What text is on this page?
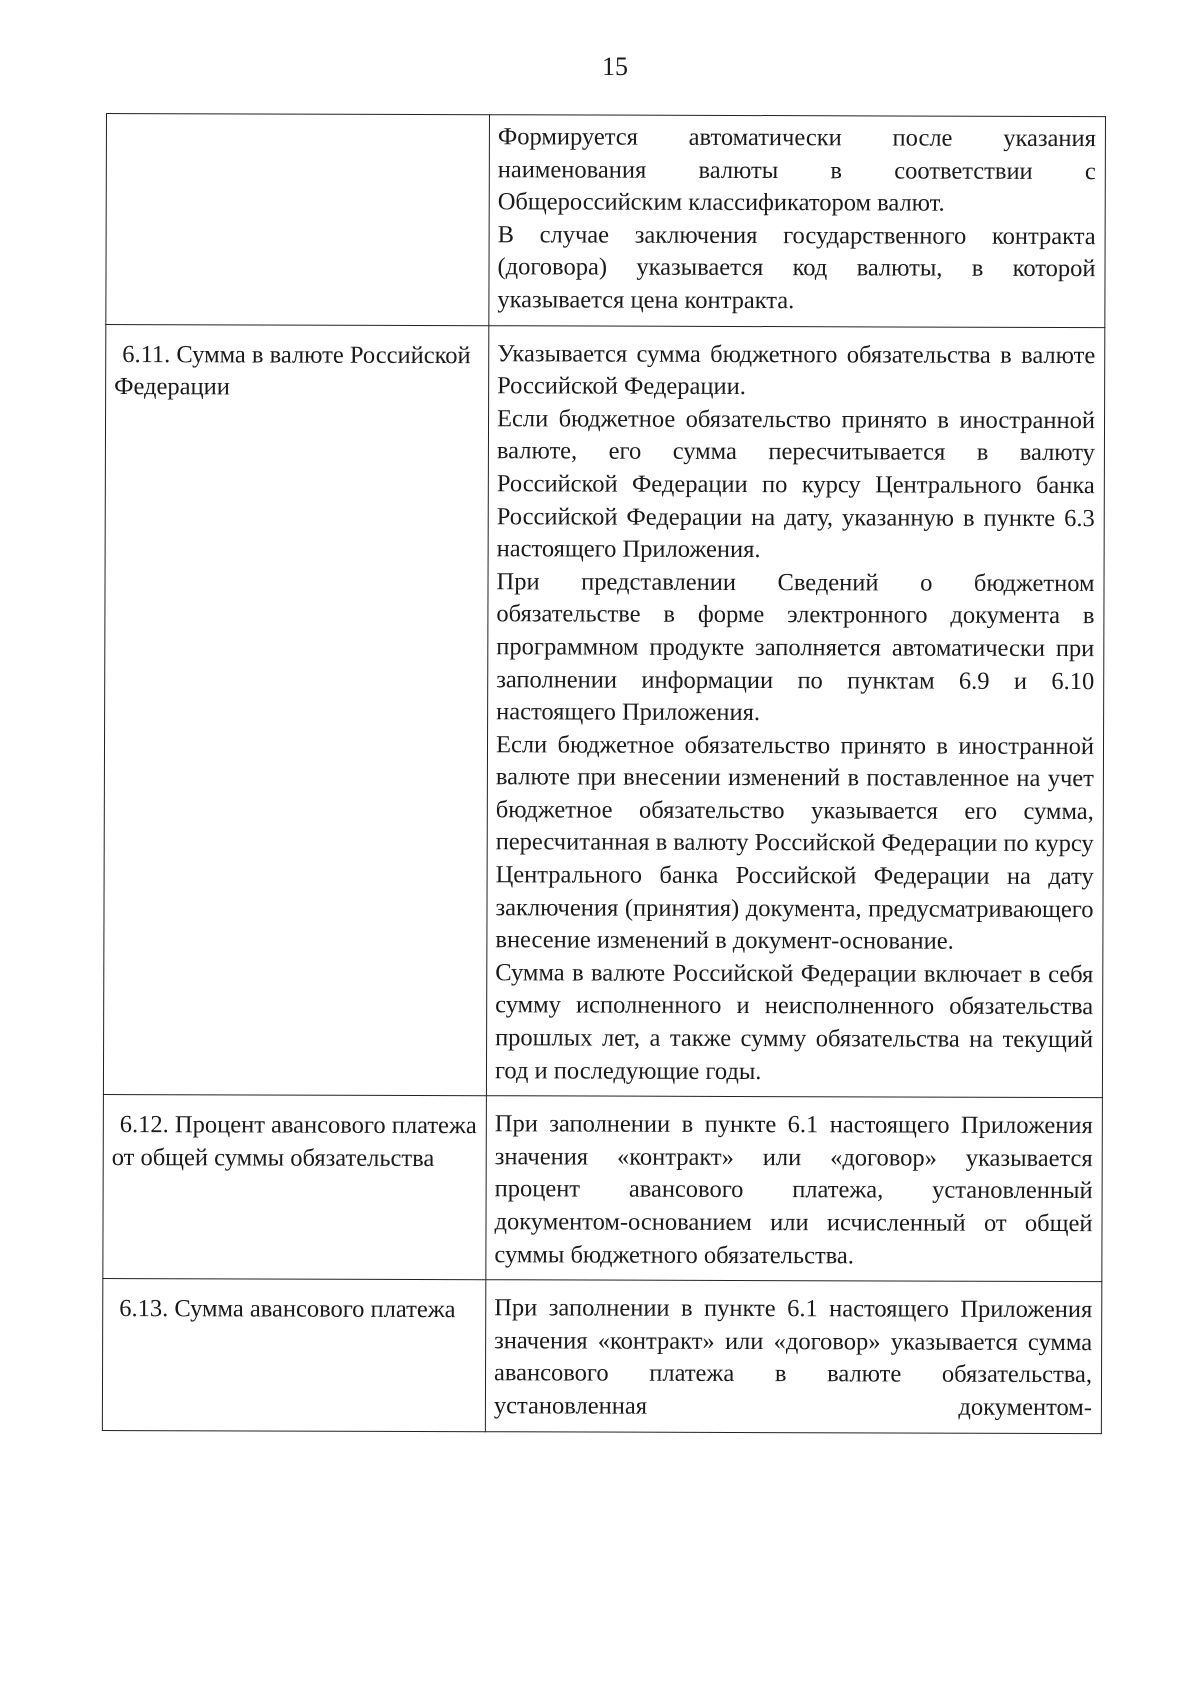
15

	Формируется автоматически после указания наименования валюты в соответствии с Общероссийским классификатором валют.

В случае заключения государственного контракта (договора) указывается код валюты, в которой указывается цена контракта.

6.11. Сумма в валюте Российской Федерации	Указывается сумма бюджетного обязательства в валюте Российской Федерации.

Если бюджетное обязательство принято в иностранной валюте, его сумма пересчитывается в валюту Российской Федерации по курсу Центрального банка Российской Федерации на дату, указанную в пункте 6.3 настоящего Приложения.

При представлении Сведений о бюджетном обязательстве в форме электронного документа в программном продукте заполняется автоматически при заполнении информации по пунктам 6.9 и 6.10 настоящего Приложения.

Если бюджетное обязательство принято в иностранной валюте при внесении изменений в поставленное на учет бюджетное обязательство указывается его сумма, пересчитанная в валюту Российской Федерации по курсу Центрального банка Российской Федерации на дату заключения (принятия) документа, предусматривающего внесение изменений в документ-основание.

Сумма в валюте Российской Федерации включает в себя сумму исполненного и неисполненного обязательства прошлых лет, а также сумму обязательства на текущий год и последующие годы.

6.12. Процент авансового платежа от общей суммы обязательства	При заполнении в пункте 6.1 настоящего Приложения значения «контракт» или «договор» указывается процент авансового платежа, установленный документом-основанием или исчисленный от общей суммы бюджетного обязательства.

6.13. Сумма авансового платежа	При заполнении в пункте 6.1 настоящего Приложения значения «контракт» или «договор» указывается сумма авансового платежа в валюте обязательства, установленная документом-
